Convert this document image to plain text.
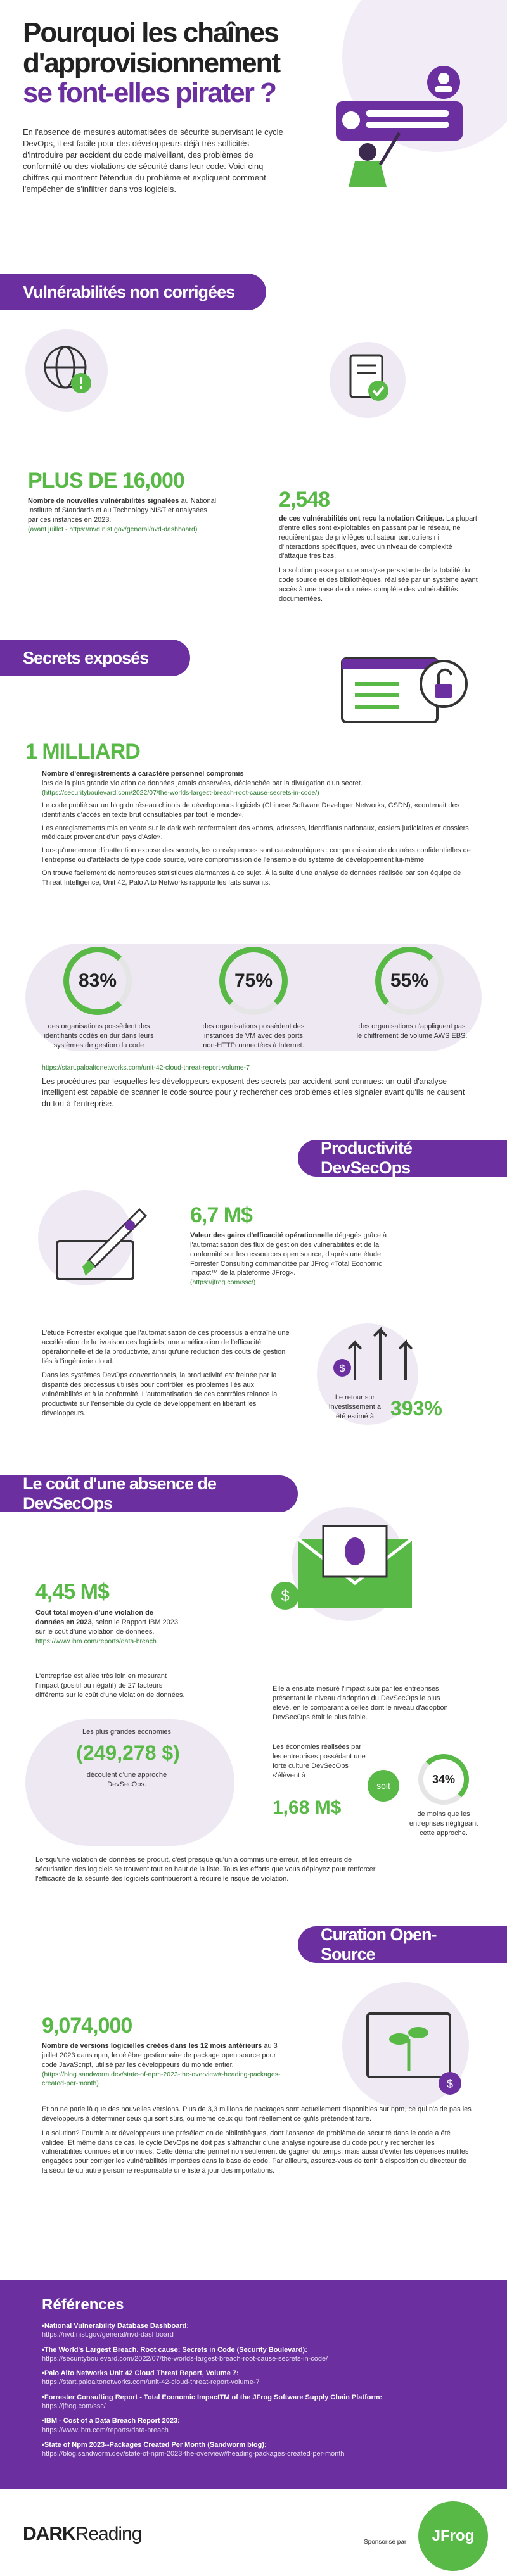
Pourquoi les chaînes
d'approvisionnement
se font-elles pirater ?
En l'absence de mesures automatisées de sécurité supervisant le cycle DevOps, il est facile pour des développeurs déjà très sollicités d'introduire par accident du code malveillant, des problèmes de conformité ou des violations de sécurité dans leur code. Voici cinq chiffres qui montrent l'étendue du problème et expliquent comment l'empêcher de s'infiltrer dans vos logiciels.
Vulnérabilités non corrigées
PLUS DE 16,000
Nombre de nouvelles vulnérabilités signalées au National Institute of Standards et au Technology NIST et analysées par ces instances en 2023.
(avant juillet - https://nvd.nist.gov/general/nvd-dashboard)
2,548
de ces vulnérabilités ont reçu la notation Critique. La plupart d'entre elles sont exploitables en passant par le réseau, ne requièrent pas de privilèges utilisateur particuliers ni d'interactions spécifiques, avec un niveau de complexité d'attaque très bas.

La solution passe par une analyse persistante de la totalité du code source et des bibliothèques, réalisée par un système ayant accès à une base de données complète des vulnérabilités documentées.

Secrets exposés
1 MILLIARD
Nombre d'enregistrements à caractère personnel compromis
lors de la plus grande violation de données jamais observées, déclenchée par la divulgation d'un secret.
(https://securityboulevard.com/2022/07/the-worlds-largest-breach-root-cause-secrets-in-code/)
Le code publié sur un blog du réseau chinois de développeurs logiciels (Chinese Software Developer Networks, CSDN), «contenait des identifiants d'accès en texte brut consultables par tout le monde».
Les enregistrements mis en vente sur le dark web renfermaient des «noms, adresses, identifiants nationaux, casiers judiciaires et dossiers médicaux provenant d'un pays d'Asie».
Lorsqu'une erreur d'inattention expose des secrets, les conséquences sont catastrophiques : compromission de données confidentielles de l'entreprise ou d'artéfacts de type code source, voire compromission de l'ensemble du système de développement lui-même.
On trouve facilement de nombreuses statistiques alarmantes à ce sujet. À la suite d'une analyse de données réalisée par son équipe de Threat Intelligence, Unit 42, Palo Alto Networks rapporte les faits suivants:
83%	75%	55%
des organisations possèdent des identifiants codés en dur dans leurs systèmes de gestion du code
des organisations possèdent des instances de VM avec des ports non-HTTPconnectées à Internet.
des organisations n'appliquent pas le chiffrement de volume AWS EBS.
https://start.paloaltonetworks.com/unit-42-cloud-threat-report-volume-7
Les procédures par lesquelles les développeurs exposent des secrets par accident sont connues: un outil d'analyse intelligent est capable de scanner le code source pour y rechercher ces problèmes et les signaler avant qu'ils ne causent du tort à l'entreprise.
Productivité DevSecOps
6,7 M$
Valeur des gains d'efficacité opérationnelle dégagés grâce à l'automatisation des flux de gestion des vulnérabilités et de la conformité sur les ressources open source, d'après une étude Forrester Consulting commanditée par JFrog «Total Economic Impact™ de la plateforme JFrog».
(https://jfrog.com/ssc/)

L'étude Forrester explique que l'automatisation de ces processus a entraîné une accélération de la livraison des logiciels, une amélioration de l'efficacité opérationnelle et de la productivité, ainsi qu'une réduction des coûts de gestion liés à l'ingénierie cloud.

Dans les systèmes DevOps conventionnels, la productivité est freinée par la disparité des processus utilisés pour contrôler les problèmes liés aux vulnérabilités et à la conformité. L'automatisation de ces contrôles relance la productivité sur l'ensemble du cycle de développement en libérant les développeurs.

$
Le retour sur investissement a été estimé à 393%
Le coût d'une absence de DevSecOps
4,45 M$
Coût total moyen d'une violation de données en 2023, selon le Rapport IBM 2023 sur le coût d'une violation de données.
https://www.ibm.com/reports/data-breach
$
L'entreprise est allée très loin en mesurant l'impact (positif ou négatif) de 27 facteurs différents sur le coût d'une violation de données.
Les plus grandes économies
(249,278 $)
découlent d'une approche DevSecOps.
Elle a ensuite mesuré l'impact subi par les entreprises présentant le niveau d'adoption du DevSecOps le plus élevé, en le comparant à celles dont le niveau d'adoption DevSecOps était le plus faible.
Les économies réalisées par les entreprises possédant une forte culture DevSecOps s'élèvent à
1,68 M$
soit
34%
de moins que les entreprises négligeant cette approche.
Lorsqu'une violation de données se produit, c'est presque qu'un à commis une erreur, et les erreurs de sécurisation des logiciels se trouvent tout en haut de la liste. Tous les efforts que vous déployez pour renforcer l'efficacité de la sécurité des logiciels contribueront à réduire le risque de violation.
Curation Open-Source
9,074,000
Nombre de versions logicielles créées dans les 12 mois antérieurs au 3 juillet 2023 dans npm, le célèbre gestionnaire de package open source pour code JavaScript, utilisé par les développeurs du monde entier.
(https://blog.sandworm.dev/state-of-npm-2023-the-overview#-heading-packages-created-per-month)	$

Et on ne parle là que des nouvelles versions. Plus de 3,3 millions de packages sont actuellement disponibles sur npm, ce qui n'aide pas les développeurs à déterminer ceux qui sont sûrs, ou même ceux qui font réellement ce qu'ils prétendent faire.

La solution? Fournir aux développeurs une présélection de bibliothèques, dont l'absence de problème de sécurité dans le code a été validée. Et même dans ce cas, le cycle DevOps ne doit pas s'affranchir d'une analyse rigoureuse du code pour y rechercher les vulnérabilités connues et inconnues. Cette démarche permet non seulement de gagner du temps, mais aussi d'éviter les dépenses inutiles engagées pour corriger les vulnérabilités importées dans la base de code. Par ailleurs, assurez-vous de tenir à disposition du directeur de la sécurité ou autre personne responsable une liste à jour des importations.

Références
•National Vulnerability Database Dashboard:
https://nvd.nist.gov/general/nvd-dashboard
•The World's Largest Breach. Root cause: Secrets in Code (Security Boulevard):
https://securityboulevard.com/2022/07/the-worlds-largest-breach-root-cause-secrets-in-code/
•Palo Alto Networks Unit 42 Cloud Threat Report, Volume 7:
https://start.paloaltonetworks.com/unit-42-cloud-threat-report-volume-7
•Forrester Consulting Report - Total Economic ImpactTM of the JFrog Software Supply Chain Platform:
https://jfrog.com/ssc/
•IBM - Cost of a Data Breach Report 2023:
https://www.ibm.com/reports/data-breach
•State of Npm 2023--Packages Created Per Month (Sandworm blog):
https://blog.sandworm.dev/state-of-npm-2023-the-overview#heading-packages-created-per-month
DARKReading	Sponsorisé par JFrog
